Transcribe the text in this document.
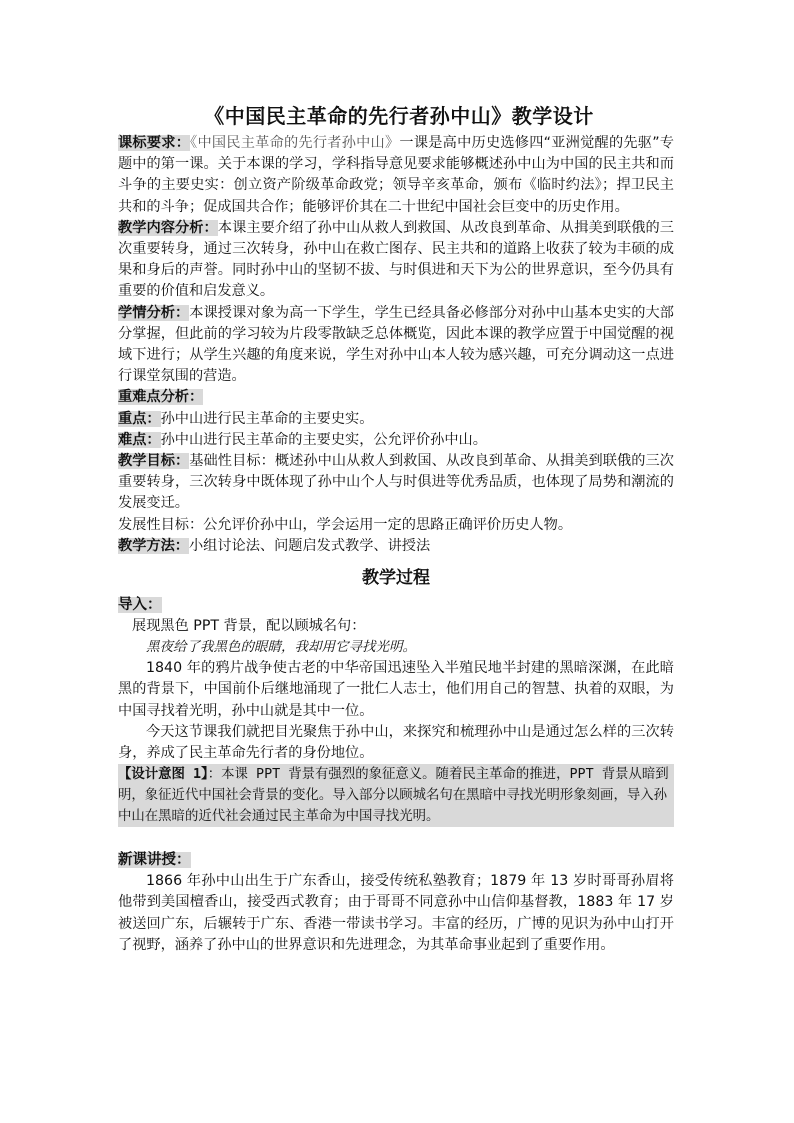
《中国民主革命的先行者孙中山》教学设计

课标要求：《中国民主革命的先行者孙中山》一课是高中历史选修四“亚洲觉醒的先驱”专题中的第一课。关于本课的学习，学科指导意见要求能够概述孙中山为中国的民主共和而斗争的主要史实：创立资产阶级革命政党；领导辛亥革命，颁布《临时约法》；捍卫民主共和的斗争；促成国共合作；能够评价其在二十世纪中国社会巨变中的历史作用。

教学内容分析：本课主要介绍了孙中山从救人到救国、从改良到革命、从揖美到联俄的三次重要转身，通过三次转身，孙中山在救亡图存、民主共和的道路上收获了较为丰硕的成果和身后的声誉。同时孙中山的坚韧不拔、与时俱进和天下为公的世界意识，至今仍具有重要的价值和启发意义。

学情分析：本课授课对象为高一下学生，学生已经具备必修部分对孙中山基本史实的大部分掌握，但此前的学习较为片段零散缺乏总体概览，因此本课的教学应置于中国觉醒的视域下进行；从学生兴趣的角度来说，学生对孙中山本人较为感兴趣，可充分调动这一点进行课堂氛围的营造。

重难点分析：

重点：孙中山进行民主革命的主要史实。

难点：孙中山进行民主革命的主要史实，公允评价孙中山。

教学目标：基础性目标：概述孙中山从救人到救国、从改良到革命、从揖美到联俄的三次重要转身，三次转身中既体现了孙中山个人与时俱进等优秀品质，也体现了局势和潮流的发展变迁。

发展性目标：公允评价孙中山，学会运用一定的思路正确评价历史人物。

教学方法：小组讨论法、问题启发式教学、讲授法

教学过程

导入：

展现黑色 PPT 背景，配以顾城名句：

黑夜给了我黑色的眼睛，我却用它寻找光明。

1840 年的鸦片战争使古老的中华帝国迅速坠入半殖民地半封建的黑暗深渊，在此暗黑的背景下，中国前仆后继地涌现了一批仁人志士，他们用自己的智慧、执着的双眼，为中国寻找着光明，孙中山就是其中一位。

今天这节课我们就把目光聚焦于孙中山，来探究和梳理孙中山是通过怎么样的三次转身，养成了民主革命先行者的身份地位。

【设计意图 1】：本课 PPT 背景有强烈的象征意义。随着民主革命的推进，PPT 背景从暗到明，象征近代中国社会背景的变化。导入部分以顾城名句在黑暗中寻找光明形象刻画，导入孙中山在黑暗的近代社会通过民主革命为中国寻找光明。

新课讲授：

1866 年孙中山出生于广东香山，接受传统私塾教育；1879 年 13 岁时哥哥孙眉将他带到美国檀香山，接受西式教育；由于哥哥不同意孙中山信仰基督教，1883 年 17 岁被送回广东，后辗转于广东、香港一带读书学习。丰富的经历，广博的见识为孙中山打开了视野，涵养了孙中山的世界意识和先进理念，为其革命事业起到了重要作用。
